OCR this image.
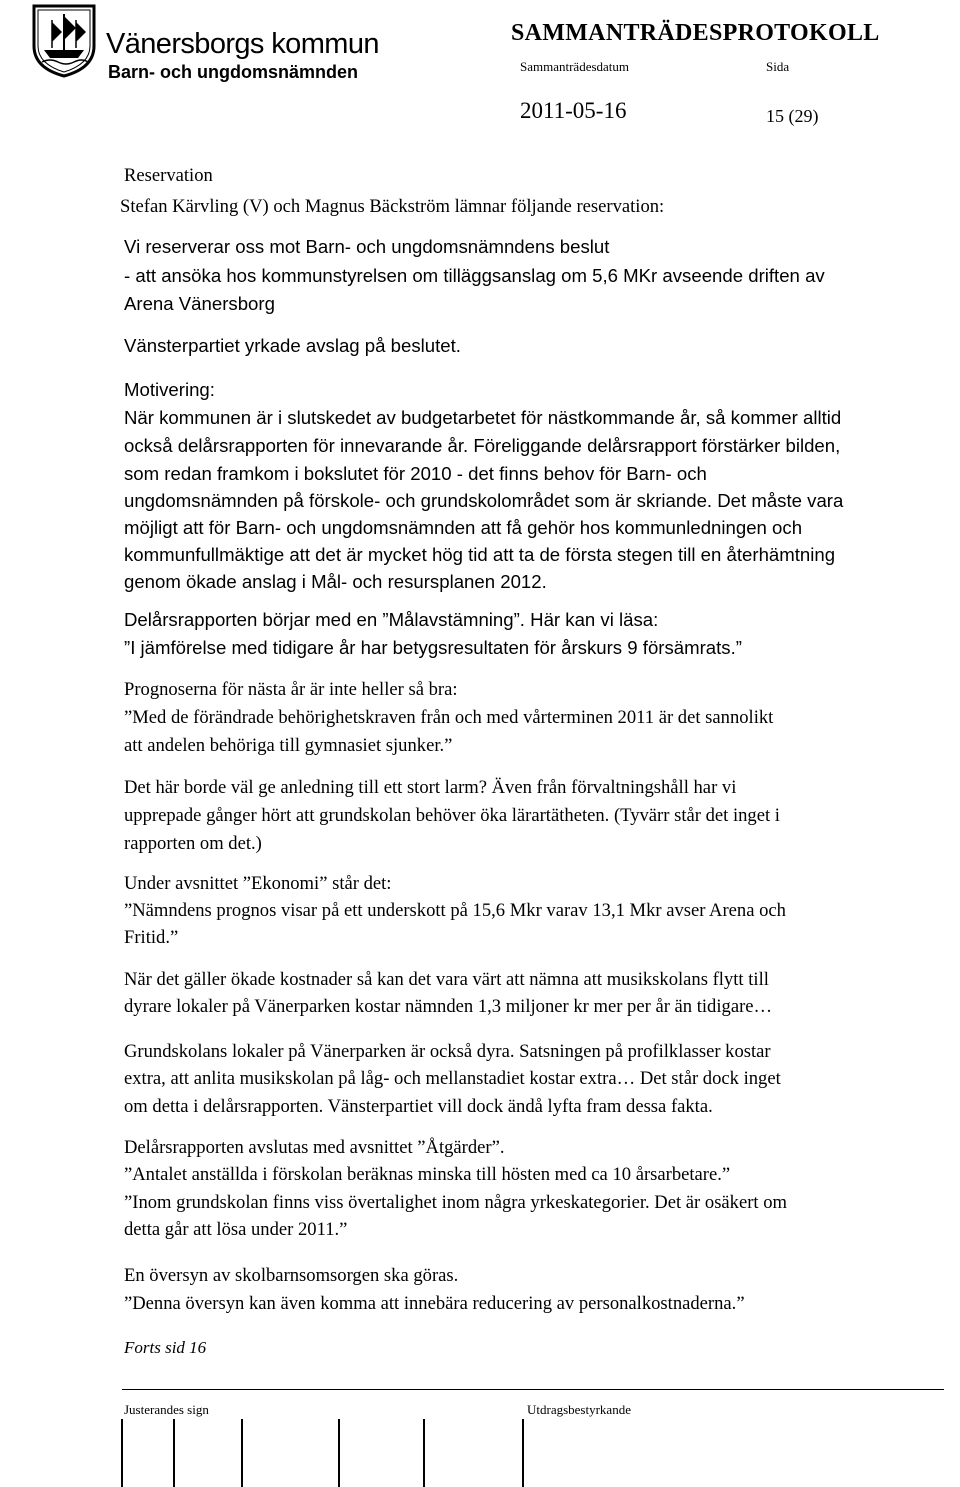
Vänersborgs kommun
Barn- och ungdomsnämnden
SAMMANTRÄDESPROTOKOLL
Sammanträdesdatum	Sida
2011-05-16	15 (29)
Reservation
Stefan Kärvling (V) och Magnus Bäckström lämnar följande reservation:
Vi reserverar oss mot Barn- och ungdomsnämndens beslut
- att ansöka hos kommunstyrelsen om tilläggsanslag om 5,6 MKr avseende driften av
Arena Vänersborg
Vänsterpartiet yrkade avslag på beslutet.
Motivering:
När kommunen är i slutskedet av budgetarbetet för nästkommande år, så kommer alltid
också delårsrapporten för innevarande år. Föreliggande delårsrapport förstärker bilden,
som redan framkom i bokslutet för 2010 - det finns behov för Barn- och
ungdomsnämnden på förskole- och grundskolområdet som är skriande. Det måste vara
möjligt att för Barn- och ungdomsnämnden att få gehör hos kommunledningen och
kommunfullmäktige att det är mycket hög tid att ta de första stegen till en återhämtning
genom ökade anslag i Mål- och resursplanen 2012.
Delårsrapporten börjar med en ”Målavstämning”. Här kan vi läsa:
”I jämförelse med tidigare år har betygsresultaten för årskurs 9 försämrats.”
Prognoserna för nästa år är inte heller så bra:
”Med de förändrade behörighetskraven från och med vårterminen 2011 är det sannolikt
att andelen behöriga till gymnasiet sjunker.”
Det här borde väl ge anledning till ett stort larm? Även från förvaltningshåll har vi
upprepade gånger hört att grundskolan behöver öka lärartätheten. (Tyvärr står det inget i
rapporten om det.)
Under avsnittet ”Ekonomi” står det:
”Nämndens prognos visar på ett underskott på 15,6 Mkr varav 13,1 Mkr avser Arena och
Fritid.”
När det gäller ökade kostnader så kan det vara värt att nämna att musikskolans flytt till
dyrare lokaler på Vänerparken kostar nämnden 1,3 miljoner kr mer per år än tidigare…
Grundskolans lokaler på Vänerparken är också dyra. Satsningen på profilklasser kostar
extra, att anlita musikskolan på låg- och mellanstadiet kostar extra… Det står dock inget
om detta i delårsrapporten. Vänsterpartiet vill dock ändå lyfta fram dessa fakta.
Delårsrapporten avslutas med avsnittet ”Åtgärder”.
”Antalet anställda i förskolan beräknas minska till hösten med ca 10 årsarbetare.”
”Inom grundskolan finns viss övertalighet inom några yrkeskategorier. Det är osäkert om
detta går att lösa under 2011.”
En översyn av skolbarnsomsorgen ska göras.
”Denna översyn kan även komma att innebära reducering av personalkostnaderna.”
Forts sid 16
Justerandes sign	Utdragsbestyrkande
